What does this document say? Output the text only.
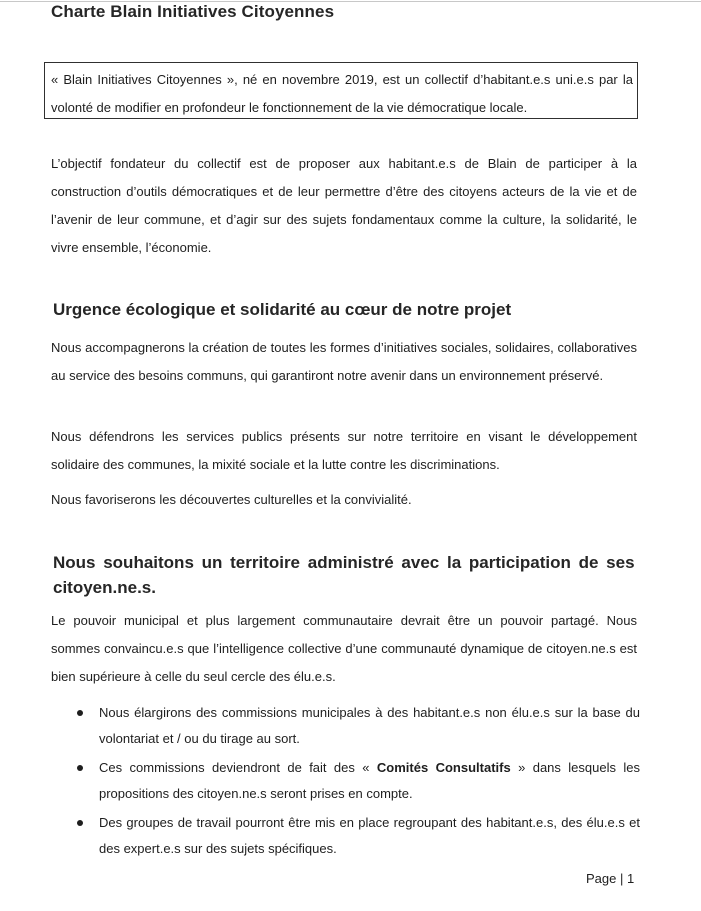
Charte Blain Initiatives Citoyennes
« Blain Initiatives Citoyennes », né en novembre 2019, est un collectif d’habitant.e.s uni.e.s par la volonté de modifier en profondeur le fonctionnement de la vie démocratique locale.

L’objectif fondateur du collectif est de proposer aux habitant.e.s de Blain de participer à la construction d’outils démocratiques et de leur permettre d’être des citoyens acteurs de la vie et de l’avenir de leur commune, et d’agir sur des sujets fondamentaux comme la culture, la solidarité, le vivre ensemble, l’économie.

Urgence écologique et solidarité au cœur de notre projet

Nous accompagnerons la création de toutes les formes d’initiatives sociales, solidaires, collaboratives au service des besoins communs, qui garantiront notre avenir dans un environnement préservé.

Nous défendrons les services publics présents sur notre territoire en visant le développement solidaire des communes, la mixité sociale et la lutte contre les discriminations.

Nous favoriserons les découvertes culturelles et la convivialité.

Nous souhaitons un territoire administré avec la participation de ses citoyen.ne.s.

Le pouvoir municipal et plus largement communautaire devrait être un pouvoir partagé. Nous sommes convaincu.e.s que l’intelligence collective d’une communauté dynamique de citoyen.ne.s est bien supérieure à celle du seul cercle des élu.e.s.

Nous élargirons des commissions municipales à des habitant.e.s non élu.e.s sur la base du volontariat et / ou du tirage au sort.
Ces commissions deviendront de fait des « Comités Consultatifs » dans lesquels les propositions des citoyen.ne.s seront prises en compte.
Des groupes de travail pourront être mis en place regroupant des habitant.e.s, des élu.e.s et des expert.e.s sur des sujets spécifiques.
Page | 1
